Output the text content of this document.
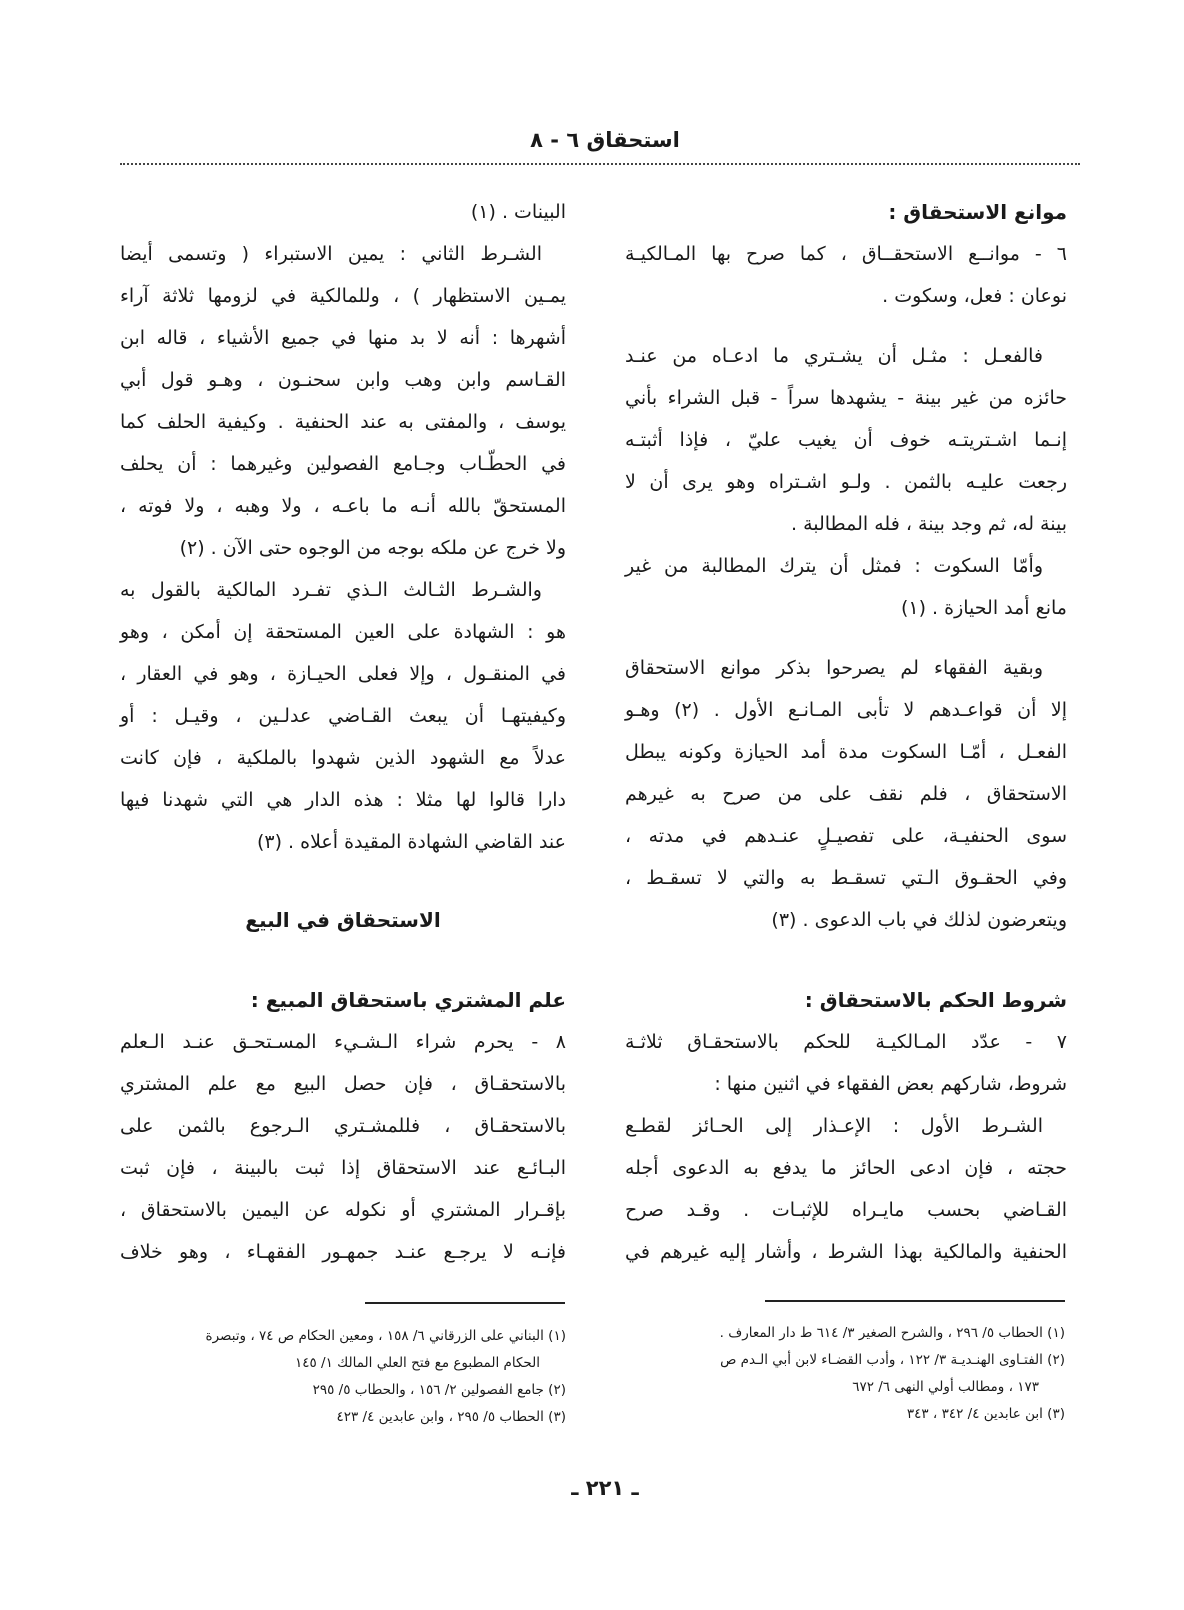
استحقاق ٦ - ٨
موانع الاستحقاق :
٦ - موانــع الاستحقــاق ، كما صرح بها المـالكيـة
نوعان : فعل، وسكوت .
فالفعـل : مثـل أن يشـتري ما ادعـاه من عنـد
حائزه من غير بينة - يشهدها سراً - قبل الشراء بأني
إنـما اشـتريتـه خوف أن يغيب عليّ ، فإذا أثبتـه
رجعت عليـه بالثمن . ولـو اشـتراه وهو يرى أن لا
بينة له، ثم وجد بينة ، فله المطالبة .
وأمّا السكوت : فمثل أن يترك المطالبة من غير
مانع أمد الحيازة . (١)
وبقية الفقهاء لم يصرحوا بذكر موانع الاستحقاق
إلا أن قواعـدهم لا تأبى المـانـع الأول . (٢) وهـو
الفعـل ، أمّـا السكوت مدة أمد الحيازة وكونه يبطل
الاستحقاق ، فلم نقف على من صرح به غيرهم
سوى الحنفيـة، على تفصيـلٍ عنـدهم في مدته ،
وفي الحقـوق الـتي تسقـط به والتي لا تسقـط ،
ويتعرضون لذلك في باب الدعوى . (٣)
شروط الحكم بالاستحقاق :
٧ - عدّد المـالكيـة للحكم بالاستحقـاق ثلاثـة
شروط، شاركهم بعض الفقهاء في اثنين منها :
الشـرط الأول : الإعـذار إلى الحـائز لقطـع
حجته ، فإن ادعى الحائز ما يدفع به الدعوى أجله
القـاضي بحسب مايـراه للإثبـات . وقـد صرح
الحنفية والمالكية بهذا الشرط ، وأشار إليه غيرهم في
البينات . (١)
الشـرط الثاني : يمين الاستبراء ( وتسمى أيضا
يمـين الاستظهار ) ، وللمالكية في لزومها ثلاثة آراء
أشهرها : أنه لا بد منها في جميع الأشياء ، قاله ابن
القـاسم وابن وهب وابن سحنـون ، وهـو قول أبي
يوسف ، والمفتى به عند الحنفية . وكيفية الحلف كما
في الحطّـاب وجـامع الفصولين وغيرهما : أن يحلف
المستحقّ بالله أنـه ما باعـه ، ولا وهبه ، ولا فوته ،
ولا خرج عن ملكه بوجه من الوجوه حتى الآن . (٢)
والشـرط الثـالث الـذي تفـرد المالكية بالقول به
هو : الشهادة على العين المستحقة إن أمكن ، وهو
في المنقـول ، وإلا فعلى الحيـازة ، وهو في العقار ،
وكيفيتهـا أن يبعث القـاضي عدلـين ، وقيـل : أو
عدلاً مع الشهود الذين شهدوا بالملكية ، فإن كانت
دارا قالوا لها مثلا : هذه الدار هي التي شهدنا فيها
عند القاضي الشهادة المقيدة أعلاه . (٣)
الاستحقاق في البيع
علم المشتري باستحقاق المبيع :
٨ - يحرم شراء الـشـيء المسـتحـق عنـد الـعلم
بالاستحقـاق ، فإن حصل البيع مع علم المشتري
بالاستحقـاق ، فللمشـتري الـرجوع بالثمن على
البـائـع عند الاستحقاق إذا ثبت بالبينة ، فإن ثبت
بإقـرار المشتري أو نكوله عن اليمين بالاستحقاق ،
فإنـه لا يرجـع عنـد جمهـور الفقهـاء ، وهو خلاف
(١) الحطاب ٥/ ٢٩٦ ، والشرح الصغير ٣/ ٦١٤ ط دار المعارف .
(٢) الفتـاوى الهنـديـة ٣/ ١٢٢ ، وأدب القضـاء لابن أبي الـدم ص
١٧٣ ، ومطالب أولي النهى ٦/ ٦٧٢
(٣) ابن عابدين ٤/ ٣٤٢ ، ٣٤٣
(١) البناني على الزرقاني ٦/ ١٥٨ ، ومعين الحكام ص ٧٤ ، وتبصرة
الحكام المطبوع مع فتح العلي المالك ١/ ١٤٥
(٢) جامع الفصولين ٢/ ١٥٦ ، والحطاب ٥/ ٢٩٥
(٣) الحطاب ٥/ ٢٩٥ ، وابن عابدين ٤/ ٤٢٣
ـ ٢٢١ ـ
